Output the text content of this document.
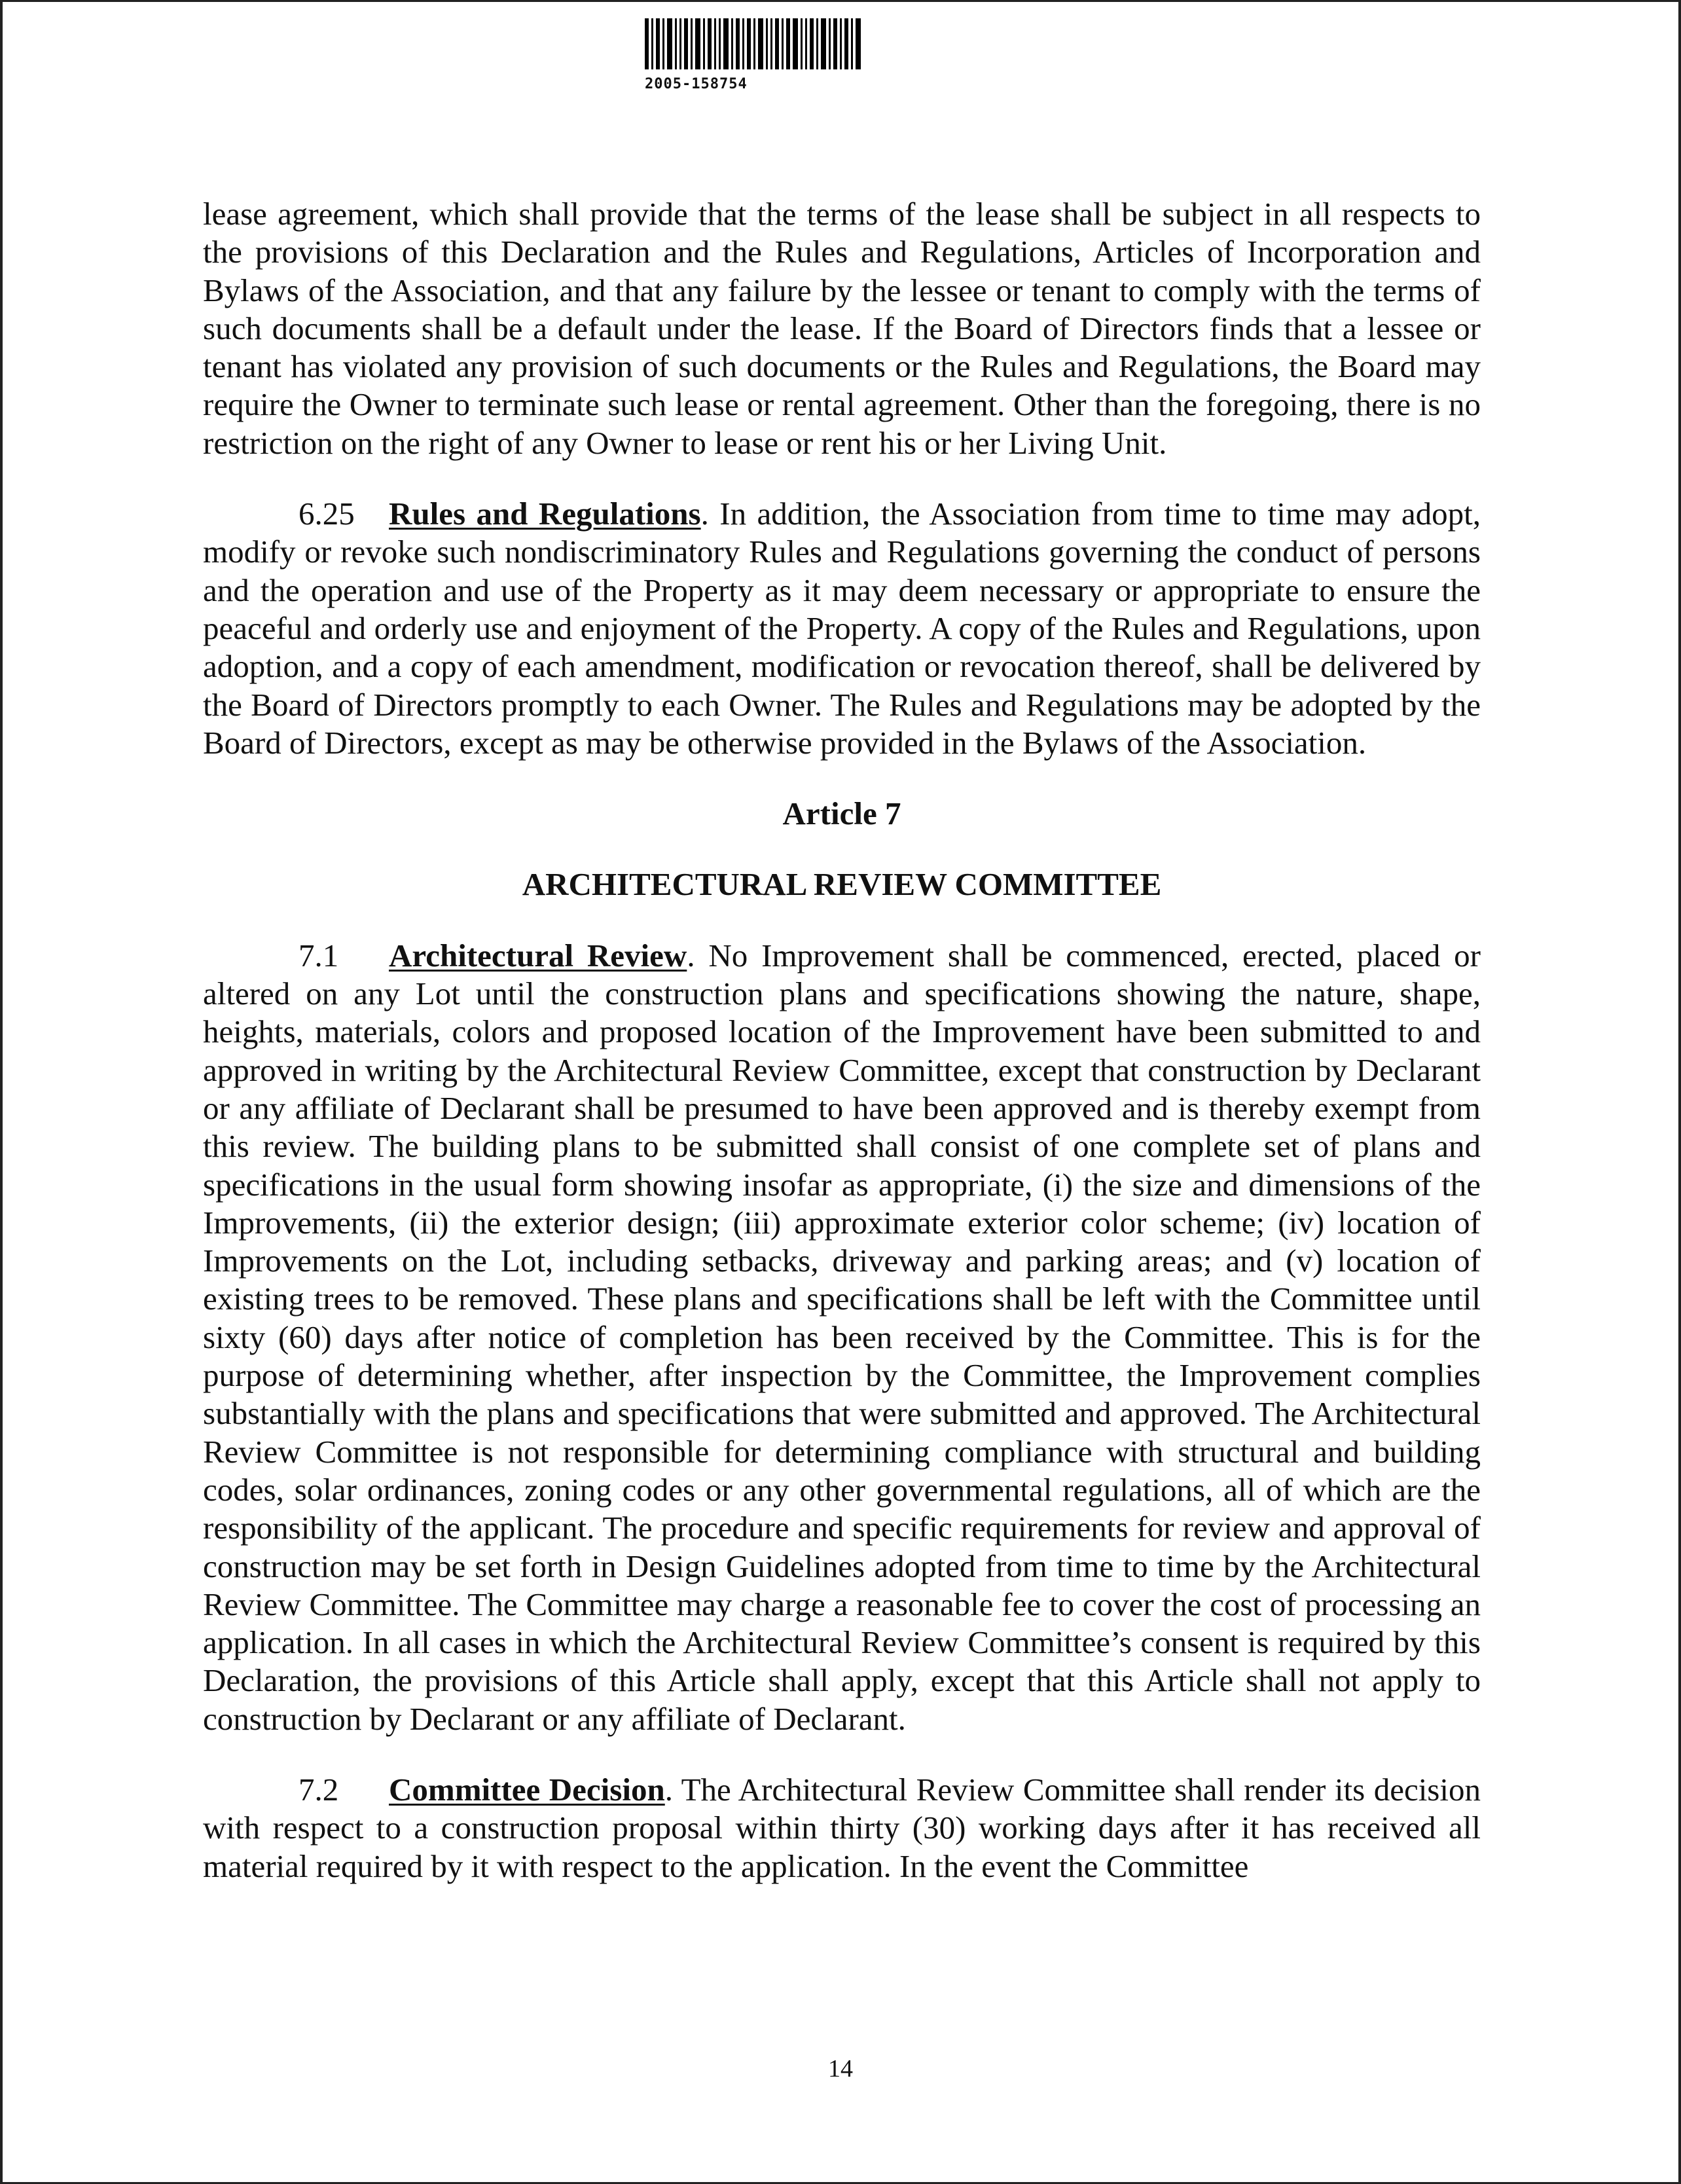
2005-158754

lease agreement, which shall provide that the terms of the lease shall be subject in all respects to the provisions of this Declaration and the Rules and Regulations, Articles of Incorporation and Bylaws of the Association, and that any failure by the lessee or tenant to comply with the terms of such documents shall be a default under the lease. If the Board of Directors finds that a lessee or tenant has violated any provision of such documents or the Rules and Regulations, the Board may require the Owner to terminate such lease or rental agreement. Other than the foregoing, there is no restriction on the right of any Owner to lease or rent his or her Living Unit.

6.25 Rules and Regulations. In addition, the Association from time to time may adopt, modify or revoke such nondiscriminatory Rules and Regulations governing the conduct of persons and the operation and use of the Property as it may deem necessary or appropriate to ensure the peaceful and orderly use and enjoyment of the Property. A copy of the Rules and Regulations, upon adoption, and a copy of each amendment, modification or revocation thereof, shall be delivered by the Board of Directors promptly to each Owner. The Rules and Regulations may be adopted by the Board of Directors, except as may be otherwise provided in the Bylaws of the Association.

Article 7

ARCHITECTURAL REVIEW COMMITTEE

7.1 Architectural Review. No Improvement shall be commenced, erected, placed or altered on any Lot until the construction plans and specifications showing the nature, shape, heights, materials, colors and proposed location of the Improvement have been submitted to and approved in writing by the Architectural Review Committee, except that construction by Declarant or any affiliate of Declarant shall be presumed to have been approved and is thereby exempt from this review. The building plans to be submitted shall consist of one complete set of plans and specifications in the usual form showing insofar as appropriate, (i) the size and dimensions of the Improvements, (ii) the exterior design; (iii) approximate exterior color scheme; (iv) location of Improvements on the Lot, including setbacks, driveway and parking areas; and (v) location of existing trees to be removed. These plans and specifications shall be left with the Committee until sixty (60) days after notice of completion has been received by the Committee. This is for the purpose of determining whether, after inspection by the Committee, the Improvement complies substantially with the plans and specifications that were submitted and approved. The Architectural Review Committee is not responsible for determining compliance with structural and building codes, solar ordinances, zoning codes or any other governmental regulations, all of which are the responsibility of the applicant. The procedure and specific requirements for review and approval of construction may be set forth in Design Guidelines adopted from time to time by the Architectural Review Committee. The Committee may charge a reasonable fee to cover the cost of processing an application. In all cases in which the Architectural Review Committee’s consent is required by this Declaration, the provisions of this Article shall apply, except that this Article shall not apply to construction by Declarant or any affiliate of Declarant.

7.2 Committee Decision. The Architectural Review Committee shall render its decision with respect to a construction proposal within thirty (30) working days after it has received all material required by it with respect to the application. In the event the Committee

14
